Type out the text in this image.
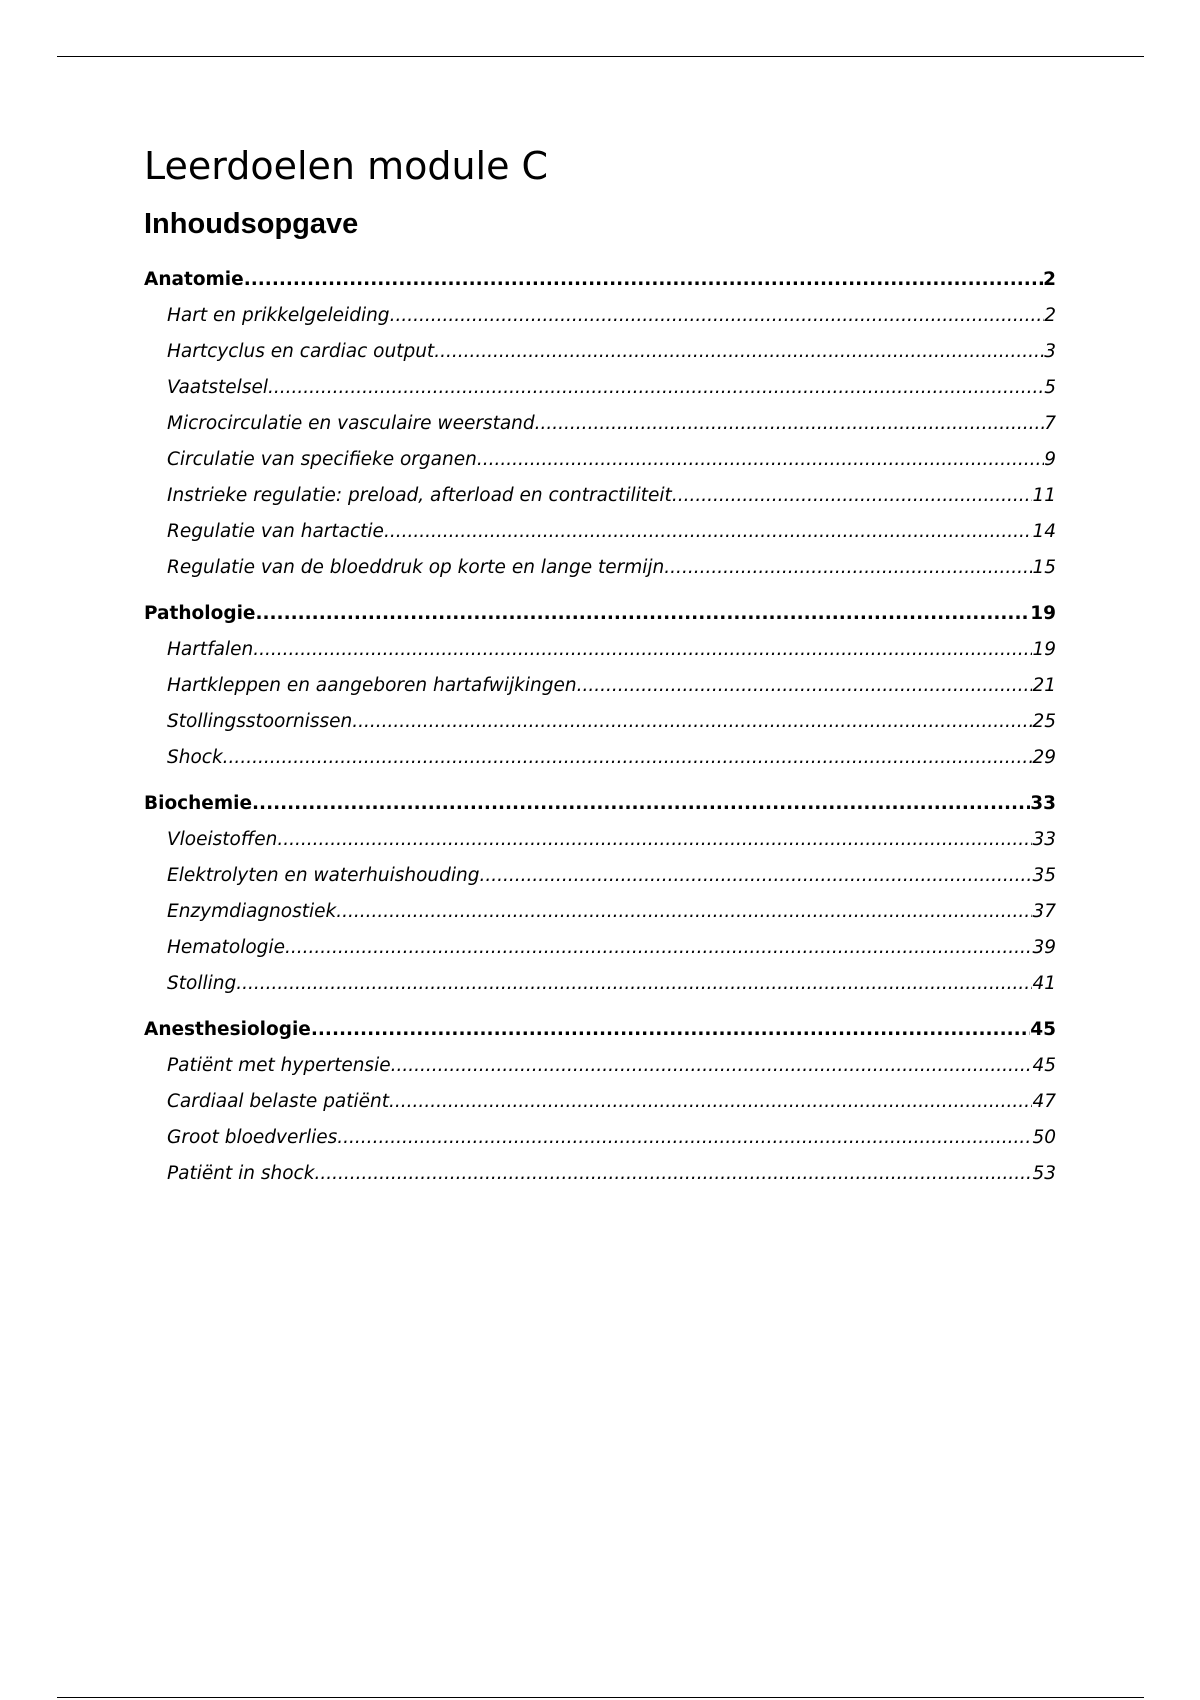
Leerdoelen module C
Inhoudsopgave
Anatomie .....	2
Hart en prikkelgeleiding .....	2
Hartcyclus en cardiac output .....	3
Vaatstelsel .....	5
Microcirculatie en vasculaire weerstand .....	7
Circulatie van specifieke organen .....	9
Instrieke regulatie: preload, afterload en contractiliteit .....	11
Regulatie van hartactie .....	14
Regulatie van de bloeddruk op korte en lange termijn .....	15
Pathologie .....	19
Hartfalen .....	19
Hartkleppen en aangeboren hartafwijkingen .....	21
Stollingsstoornissen .....	25
Shock .....	29
Biochemie .....	33
Vloeistoffen .....	33
Elektrolyten en waterhuishouding .....	35
Enzymdiagnostiek .....	37
Hematologie .....	39
Stolling .....	41
Anesthesiologie .....	45
Patiënt met hypertensie .....	45
Cardiaal belaste patiënt .....	47
Groot bloedverlies .....	50
Patiënt in shock .....	53
